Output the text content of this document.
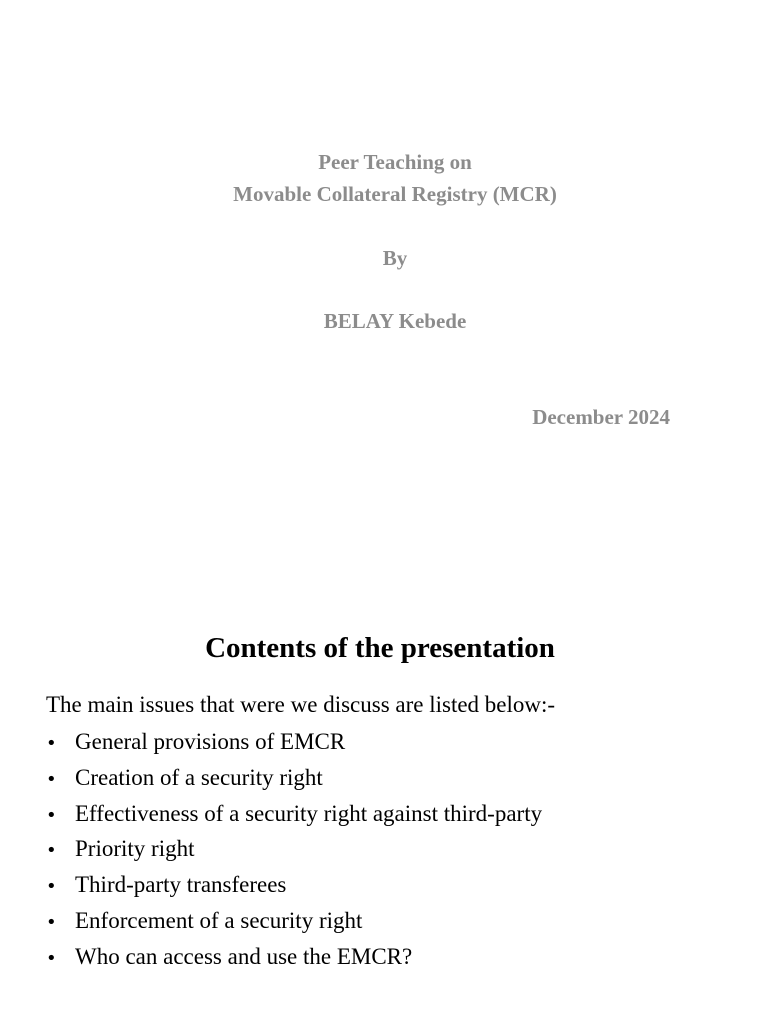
Peer Teaching on
Movable Collateral Registry (MCR)
By
BELAY Kebede
December 2024
Contents of the presentation
The main issues that were we discuss are listed below:-
• General provisions of EMCR
• Creation of a security right
• Effectiveness of a security right against third-party
• Priority right
• Third-party transferees
• Enforcement of a security right
• Who can access and use the EMCR?
